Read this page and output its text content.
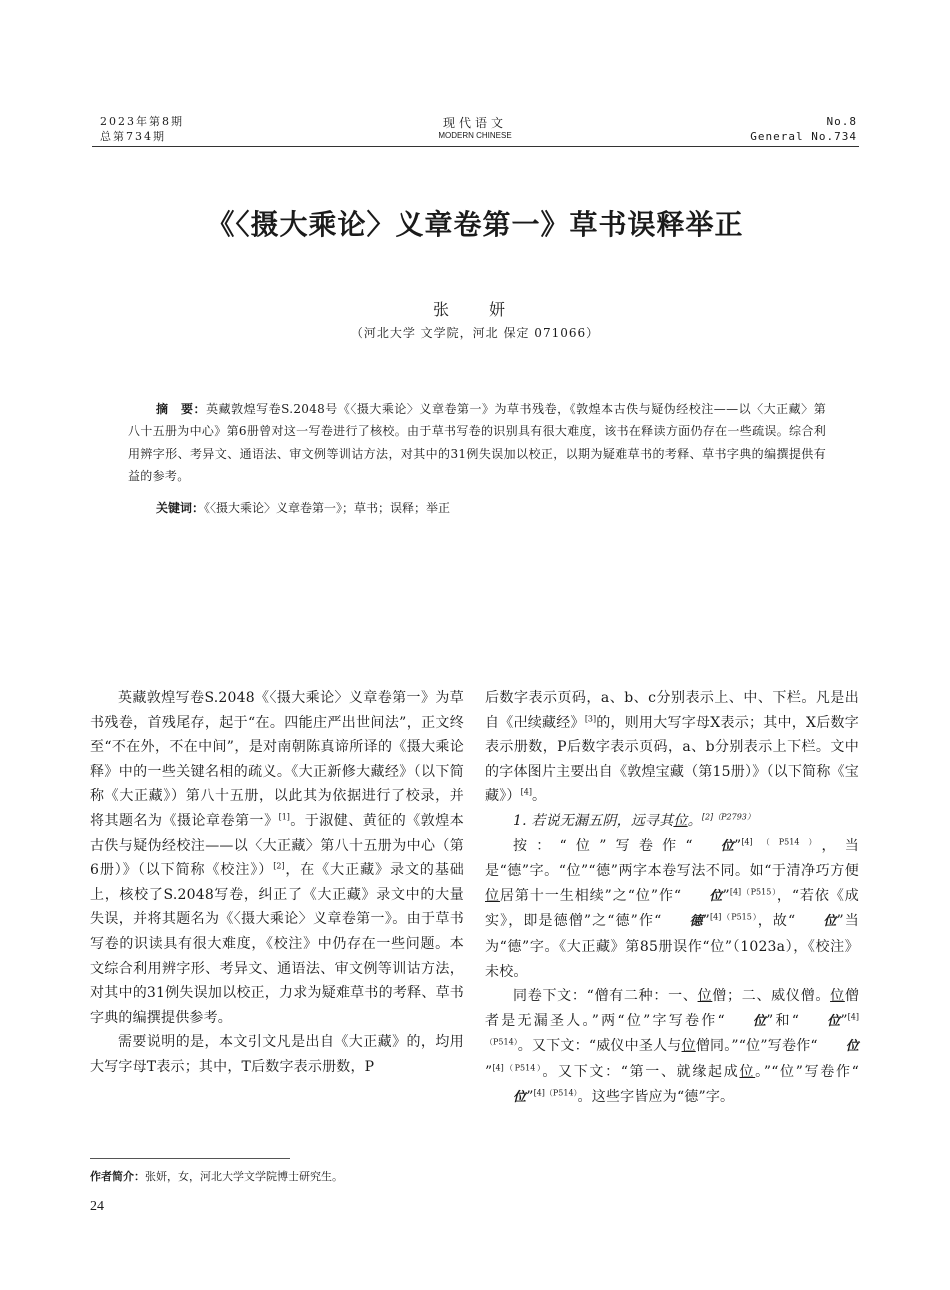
2023年第8期
总第734期
现代语文
MODERN CHINESE
No.8
General No.734
《〈摄大乘论〉义章卷第一》草书误释举正
张　妍
（河北大学 文学院，河北 保定 071066）
摘　要：英藏敦煌写卷S.2048号《〈摄大乘论〉义章卷第一》为草书残卷，《敦煌本古佚与疑伪经校注——以〈大正藏〉第八十五册为中心》第6册曾对这一写卷进行了核校。由于草书写卷的识别具有很大难度，该书在释读方面仍存在一些疏误。综合利用辨字形、考异文、通语法、审文例等训诂方法，对其中的31例失误加以校正，以期为疑难草书的考释、草书字典的编撰提供有益的参考。
关键词：《〈摄大乘论〉义章卷第一》；草书；误释；举正

英藏敦煌写卷S.2048《〈摄大乘论〉义章卷第一》为草书残卷，首残尾存，起于“在。四能庄严出世间法”，正文终至“不在外，不在中间”，是对南朝陈真谛所译的《摄大乘论释》中的一些关键名相的疏义。《大正新修大藏经》（以下简称《大正藏》）第八十五册，以此其为依据进行了校录，并将其题名为《摄论章卷第一》[1]。于淑健、黄征的《敦煌本古佚与疑伪经校注——以〈大正藏〉第八十五册为中心（第6册）》（以下简称《校注》）[2]，在《大正藏》录文的基础上，核校了S.2048写卷，纠正了《大正藏》录文中的大量失误，并将其题名为《〈摄大乘论〉义章卷第一》。由于草书写卷的识读具有很大难度，《校注》中仍存在一些问题。本文综合利用辨字形、考异文、通语法、审文例等训诂方法，对其中的31例失误加以校正，力求为疑难草书的考释、草书字典的编撰提供参考。

需要说明的是，本文引文凡是出自《大正藏》的，均用大写字母T表示；其中，T后数字表示册数，P

后数字表示页码，a、b、c分别表示上、中、下栏。凡是出自《卍续藏经》[3]的，则用大写字母X表示；其中，X后数字表示册数，P后数字表示页码，a、b分别表示上下栏。文中的字体图片主要出自《敦煌宝藏（第15册）》（以下简称《宝藏》）[4]。

1. 若说无漏五阴，远寻其位。$^{[2](P2793)}$

按：“位”写卷作“ 位”$^{[4](P514)}$，当是“德”字。“位”“德”两字本卷写法不同。如“于清净巧方便位居第十一生相续”之“位”作“ 位”$^{[4](P515)}$，“若依《成实》，即是德僧”之“德”作“ 德”$^{[4](P515)}$，故“ 位”当为“德”字。《大正藏》第85册误作“位”（1023a），《校注》未校。

同卷下文：“僧有二种：一、位僧；二、威仪僧。位僧者是无漏圣人。”两“位”字写卷作“ 位”和“ 位”$^{[4](P514)}$。又下文：“威仪中圣人与位僧同。”“位”写卷作“ 位”$^{[4](P514)}$。又下文：“第一、就缘起成位。”“位”写卷作“位”$^{[4](P514)}$。这些字皆应为“德”字。

作者简介：张妍，女，河北大学文学院博士研究生。
24
